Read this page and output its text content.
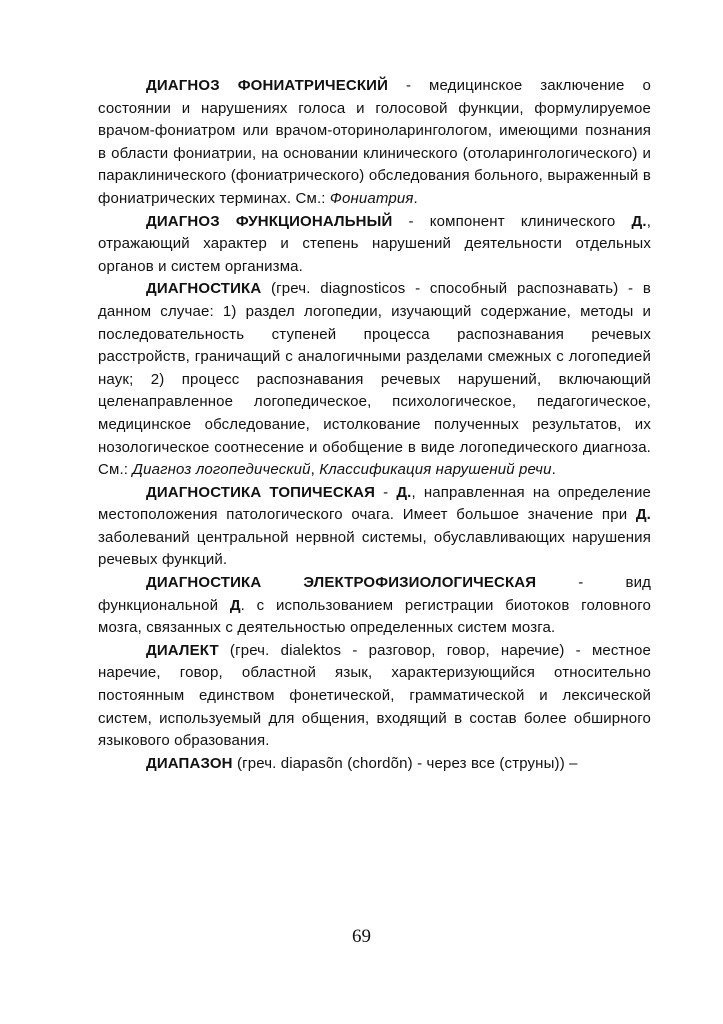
ДИАГНОЗ ФОНИАТРИЧЕСКИЙ - медицинское заключение о состоянии и нарушениях голоса и голосовой функции, формулируемое врачом-фониатром или врачом-оториноларингологом, имеющими познания в области фониатрии, на основании клинического (отоларингологического) и параклинического (фониатрического) обследования больного, выраженный в фониатрических терминах. См.: Фониатрия.

ДИАГНОЗ ФУНКЦИОНАЛЬНЫЙ - компонент клинического Д., отражающий характер и степень нарушений деятельности отдельных органов и систем организма.

ДИАГНОСТИКА (греч. diagnosticos - способный распознавать) - в данном случае: 1) раздел логопедии, изучающий содержание, методы и последовательность ступеней процесса распознавания речевых расстройств, граничащий с аналогичными разделами смежных с логопедией наук; 2) процесс распознавания речевых нарушений, включающий целенаправленное логопедическое, психологическое, педагогическое, медицинское обследование, истолкование полученных результатов, их нозологическое соотнесение и обобщение в виде логопедического диагноза. См.: Диагноз логопедический, Классификация нарушений речи.

ДИАГНОСТИКА ТОПИЧЕСКАЯ - Д., направленная на определение местоположения патологического очага. Имеет большое значение при Д. заболеваний центральной нервной системы, обуславливающих нарушения речевых функций.

ДИАГНОСТИКА ЭЛЕКТРОФИЗИОЛОГИЧЕСКАЯ - вид функциональной Д. с использованием регистрации биотоков головного мозга, связанных с деятельностью определенных систем мозга.

ДИАЛЕКТ (греч. dialektos - разговор, говор, наречие) - местное наречие, говор, областной язык, характеризующийся относительно постоянным единством фонетической, грамматической и лексической систем, используемый для общения, входящий в состав более обширного языкового образования.

ДИАПАЗОН (греч. diapasõn (chordõn) - через все (струны)) –

69
